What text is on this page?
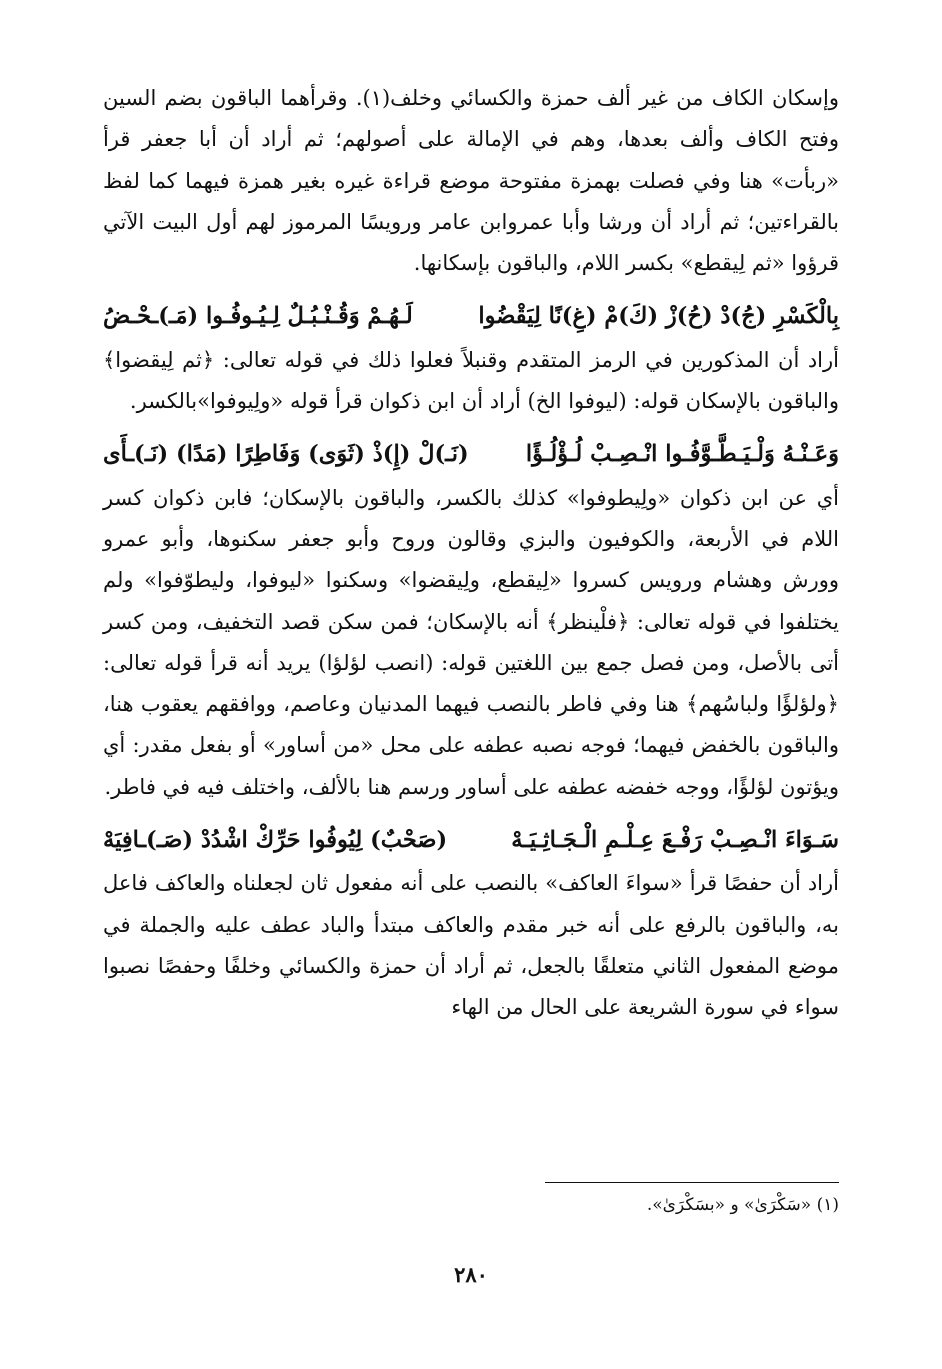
وإسكان الكاف من غير ألف حمزة والكسائي وخلف(١). وقرأهما الباقون بضم السين وفتح الكاف وألف بعدها، وهم في الإمالة على أصولهم؛ ثم أراد أن أبا جعفر قرأ «ربأت» هنا وفي فصلت بهمزة مفتوحة موضع قراءة غيره بغير همزة فيهما كما لفظ بالقراءتين؛ ثم أراد أن ورشا وأبا عمروابن عامر ورويسًا المرموز لهم أول البيت الآتي قرؤوا «ثم لِيقطع» بكسر اللام، والباقون بإسكانها.

بِالْكَسْرِ (جُ)دْ (حُ)زْ (كَ)مْ (غِ)نًا لِيَقْضُوا
لَـهُـمْ وَقُـنْـبُـلٌ لِـيُـوفُـوا (مَـ)ـحْـضُ

أراد أن المذكورين في الرمز المتقدم وقنبلاً فعلوا ذلك في قوله تعالى: ﴿ثم لِيقضوا﴾ والباقون بالإسكان قوله: (ليوفوا الخ) أراد أن ابن ذكوان قرأ قوله «ولِيوفوا»بالكسر.

وَعَـنْـهُ وَلْـيَـطَّـوَّفُـوا انْـصِـبْ لُـؤْلُـؤًا
(نَـ)لْ (إِ)ذْ (ثَوَى) وَفَاطِرًا (مَدًا) (نَـ)ـأَى

أي عن ابن ذكوان «ولِيطوفوا» كذلك بالكسر، والباقون بالإسكان؛ فابن ذكوان كسر اللام في الأربعة، والكوفيون والبزي وقالون وروح وأبو جعفر سكنوها، وأبو عمرو وورش وهشام ورويس كسروا «لِيقطع، ولِيقضوا» وسكنوا «ليوفوا، وليطوّفوا» ولم يختلفوا في قوله تعالى: ﴿فلْينظر﴾ أنه بالإسكان؛ فمن سكن قصد التخفيف، ومن كسر أتى بالأصل، ومن فصل جمع بين اللغتين قوله: (انصب لؤلؤا) يريد أنه قرأ قوله تعالى: ﴿ولؤلؤًا ولباسُهم﴾ هنا وفي فاطر بالنصب فيهما المدنيان وعاصم، ووافقهم يعقوب هنا، والباقون بالخفض فيهما؛ فوجه نصبه عطفه على محل «من أساور» أو بفعل مقدر: أي ويؤتون لؤلؤًا، ووجه خفضه عطفه على أساور ورسم هنا بالألف، واختلف فيه في فاطر.

سَـوَاءَ انْـصِـبْ رَفْـعَ عِـلْـمِ الْـجَـاثِـيَـهْ
(صَحْبٌ) لِيُوفُوا حَرِّكْ اشْدُدْ (صَـ)ـافِيَهْ

أراد أن حفصًا قرأ «سواءَ العاكف» بالنصب على أنه مفعول ثان لجعلناه والعاكف فاعل به، والباقون بالرفع على أنه خبر مقدم والعاكف مبتدأ والباد عطف عليه والجملة في موضع المفعول الثاني متعلقًا بالجعل، ثم أراد أن حمزة والكسائي وخلفًا وحفصًا نصبوا سواء في سورة الشريعة على الحال من الهاء

(١) «سَكْرَىٰ» و «بسَكْرَىٰ».
٢٨٠
